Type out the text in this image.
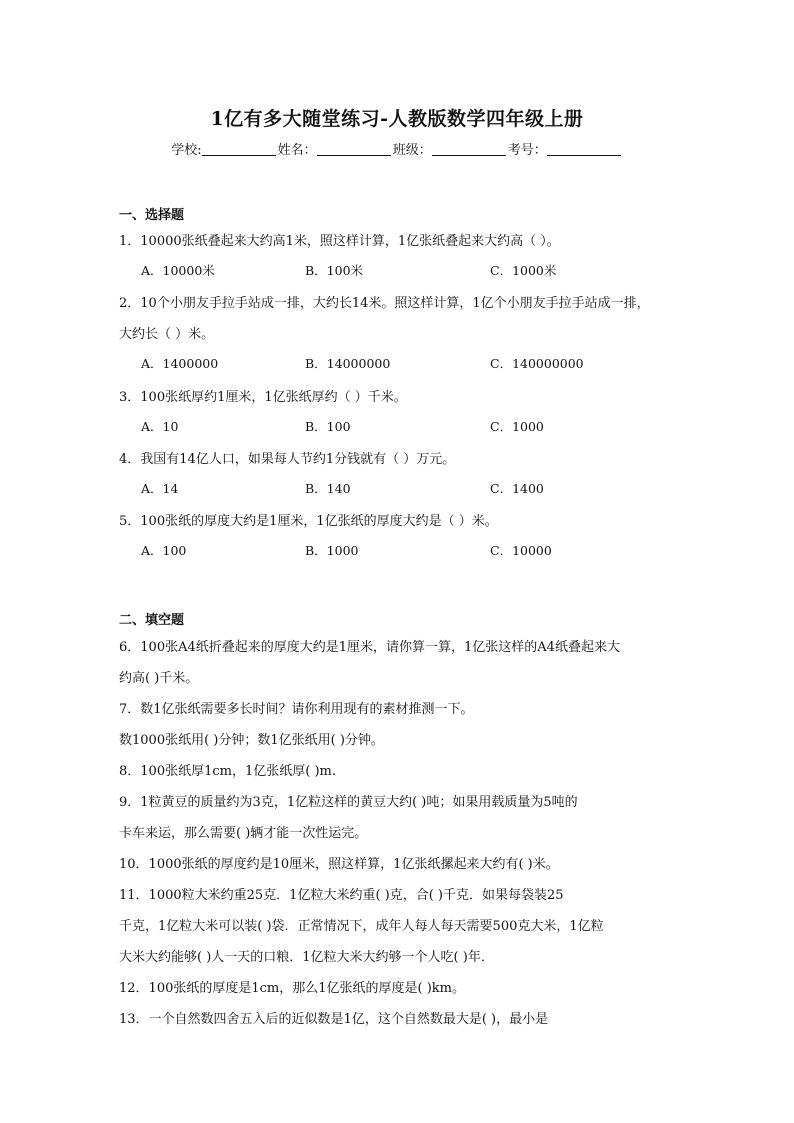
1亿有多大随堂练习-人教版数学四年级上册
学校:	姓名：	班级：	考号：
一、选择题
1．10000张纸叠起来大约高1米，照这样计算，1亿张纸叠起来大约高（ ）。
A．10000米	B．100米	C．1000米
2．10个小朋友手拉手站成一排，大约长14米。照这样计算，1亿个小朋友手拉手站成一排，
大约长（ ）米。
A．1400000	B．14000000	C．140000000
3．100张纸厚约1厘米，1亿张纸厚约（ ）千米。
A．10	B．100	C．1000
4．我国有14亿人口，如果每人节约1分钱就有（ ）万元。
A．14	B．140	C．1400
5．100张纸的厚度大约是1厘米，1亿张纸的厚度大约是（ ）米。
A．100	B．1000	C．10000
二、填空题
6．100张A4纸折叠起来的厚度大约是1厘米，请你算一算，1亿张这样的A4纸叠起来大
约高( )千米。
7．数1亿张纸需要多长时间？请你利用现有的素材推测一下。
数1000张纸用( )分钟；数1亿张纸用( )分钟。
8．100张纸厚1cm，1亿张纸厚( )m.
9．1粒黄豆的质量约为3克，1亿粒这样的黄豆大约( )吨；如果用载质量为5吨的
卡车来运，那么需要( )辆才能一次性运完。
10．1000张纸的厚度约是10厘米，照这样算，1亿张纸摞起来大约有( )米。
11．1000粒大米约重25克．1亿粒大米约重( )克，合( )千克．如果每袋装25
千克，1亿粒大米可以装( )袋．正常情况下，成年人每人每天需要500克大米，1亿粒
大米大约能够( )人一天的口粮．1亿粒大米大约够一个人吃( )年．
12．100张纸的厚度是1cm，那么1亿张纸的厚度是( )km。
13．一个自然数四舍五入后的近似数是1亿，这个自然数最大是( )，最小是
